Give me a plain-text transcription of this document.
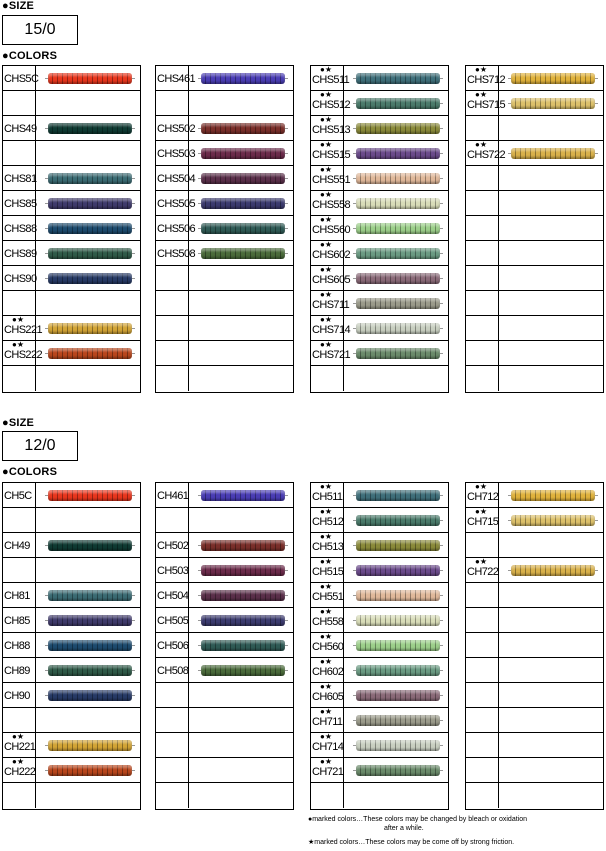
●SIZE
15/0
●COLORS
●SIZE
12/0
●COLORS
CHS5C
CHS49
CHS81
CHS85
CHS88
CHS89
CHS90
●★
CHS221
●★
CHS222
CHS461
CHS502
CHS503
CHS504
CHS505
CHS506
CHS508
●★
CHS511
●★
CHS512
●★
CHS513
●★
CHS515
●★
CHS551
●★
CHS558
●★
CHS560
●★
CHS602
●★
CHS605
●★
CHS711
●★
CHS714
●★
CHS721
●★
CHS712
●★
CHS715
●★
CHS722
CH5C
CH49
CH81
CH85
CH88
CH89
CH90
●★
CH221
●★
CH222
CH461
CH502
CH503
CH504
CH505
CH506
CH508
●★
CH511
●★
CH512
●★
CH513
●★
CH515
●★
CH551
●★
CH558
●★
CH560
●★
CH602
●★
CH605
●★
CH711
●★
CH714
●★
CH721
●★
CH712
●★
CH715
●★
CH722
●marked colors…These colors may be changed by bleach or oxidation
after a while.
★marked colors…These colors may be come off by strong friction.
